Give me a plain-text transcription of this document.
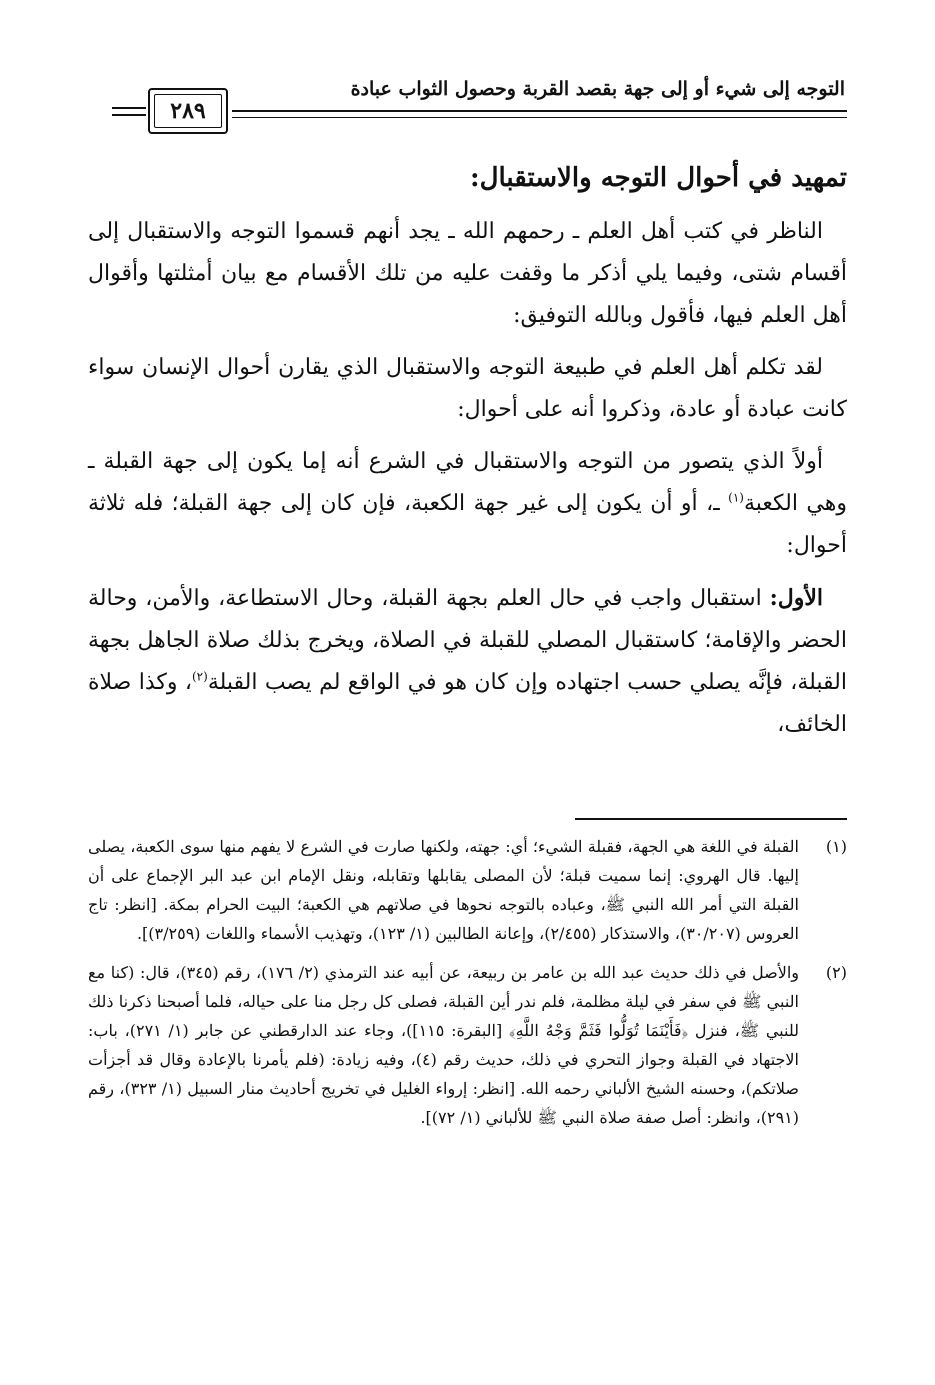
التوجه إلى شيء أو إلى جهة بقصد القربة وحصول الثواب عبادة
٢٨٩
تمهيد في أحوال التوجه والاستقبال:

الناظر في كتب أهل العلم ـ رحمهم الله ـ يجد أنهم قسموا التوجه والاستقبال إلى أقسام شتى، وفيما يلي أذكر ما وقفت عليه من تلك الأقسام مع بيان أمثلتها وأقوال أهل العلم فيها، فأقول وبالله التوفيق:

لقد تكلم أهل العلم في طبيعة التوجه والاستقبال الذي يقارن أحوال الإنسان سواء كانت عبادة أو عادة، وذكروا أنه على أحوال:

أولاً الذي يتصور من التوجه والاستقبال في الشرع أنه إما يكون إلى جهة القبلة ـ وهي الكعبة$^{(١)}$ ـ، أو أن يكون إلى غير جهة الكعبة، فإن كان إلى جهة القبلة؛ فله ثلاثة أحوال:

الأول: استقبال واجب في حال العلم بجهة القبلة، وحال الاستطاعة، والأمن، وحالة الحضر والإقامة؛ كاستقبال المصلي للقبلة في الصلاة، ويخرج بذلك صلاة الجاهل بجهة القبلة، فإنَّه يصلي حسب اجتهاده وإن كان هو في الواقع لم يصب القبلة$^{(٢)}$، وكذا صلاة الخائف،

(١)
القبلة في اللغة هي الجهة، فقبلة الشيء؛ أي: جهته، ولكنها صارت في الشرع لا يفهم منها سوى الكعبة، يصلى إليها. قال الهروي: إنما سميت قبلة؛ لأن المصلى يقابلها وتقابله، ونقل الإمام ابن عبد البر الإجماع على أن القبلة التي أمر الله النبي ﷺ، وعباده بالتوجه نحوها في صلاتهم هي الكعبة؛ البيت الحرام بمكة. [انظر: تاج العروس (٣٠/٢٠٧)، والاستذكار (٢/٤٥٥)، وإعانة الطالبين (١/ ١٢٣)، وتهذيب الأسماء واللغات (٣/٢٥٩)].
(٢)
والأصل في ذلك حديث عبد الله بن عامر بن ربيعة، عن أبيه عند الترمذي (٢/ ١٧٦)، رقم (٣٤٥)، قال: (كنا مع النبي ﷺ في سفر في ليلة مظلمة، فلم ندر أين القبلة، فصلى كل رجل منا على حياله، فلما أصبحنا ذكرنا ذلك للنبي ﷺ، فنزل ﴿فَأَيْنَمَا تُوَلُّوا فَثَمَّ وَجْهُ اللَّهِ﴾ [البقرة: ١١٥])، وجاء عند الدارقطني عن جابر (١/ ٢٧١)، باب: الاجتهاد في القبلة وجواز التحري في ذلك، حديث رقم (٤)، وفيه زيادة: (فلم يأمرنا بالإعادة وقال قد أجزأت صلاتكم)، وحسنه الشيخ الألباني رحمه الله. [انظر: إرواء الغليل في تخريج أحاديث منار السبيل (١/ ٣٢٣)، رقم (٢٩١)، وانظر: أصل صفة صلاة النبي ﷺ للألباني (١/ ٧٢)].
